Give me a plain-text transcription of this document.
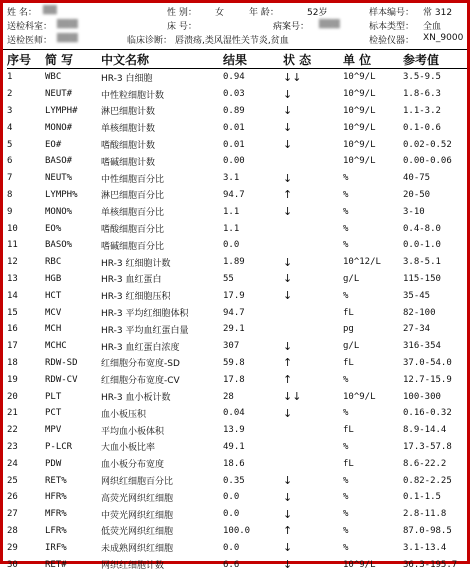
姓 名： ▇▇	性 别： 女	年 龄：	52岁	样本编号： 常 312
送检科室： ▇▇▇	床 号：	病案号： ▇▇▇	标本类型： 全血
送检医师： ▇▇▇	临床诊断： 唇溃疡,类风湿性关节炎,贫血	检验仪器： XN_9000
序号	简 写	中文名称	结果	状 态	单 位	参考值
1	WBC	HR-3 白细胞	0.94	↓↓	10^9/L	3.5-9.5
2	NEUT#	中性粒细胞计数	0.03	↓	10^9/L	1.8-6.3
3	LYMPH#	淋巴细胞计数	0.89	↓	10^9/L	1.1-3.2
4	MONO#	单核细胞计数	0.01	↓	10^9/L	0.1-0.6
5	EO#	嗜酸细胞计数	0.01	↓	10^9/L	0.02-0.52
6	BASO#	嗜碱细胞计数	0.00		10^9/L	0.00-0.06
7	NEUT%	中性细胞百分比	3.1	↓	%	40-75
8	LYMPH%	淋巴细胞百分比	94.7	↑	%	20-50
9	MONO%	单核细胞百分比	1.1	↓	%	3-10
10	EO%	嗜酸细胞百分比	1.1		%	0.4-8.0
11	BASO%	嗜碱细胞百分比	0.0		%	0.0-1.0
12	RBC	HR-3 红细胞计数	1.89	↓	10^12/L	3.8-5.1
13	HGB	HR-3 血红蛋白	55	↓	g/L	115-150
14	HCT	HR-3 红细胞压积	17.9	↓	%	35-45
15	MCV	HR-3 平均红细胞体积	94.7		fL	82-100
16	MCH	HR-3 平均血红蛋白量	29.1		pg	27-34
17	MCHC	HR-3 血红蛋白浓度	307	↓	g/L	316-354
18	RDW-SD	红细胞分布宽度-SD	59.8	↑	fL	37.0-54.0
19	RDW-CV	红细胞分布宽度-CV	17.8	↑	%	12.7-15.9
20	PLT	HR-3 血小板计数	28	↓↓	10^9/L	100-300
21	PCT	血小板压积	0.04	↓	%	0.16-0.32
22	MPV	平均血小板体积	13.9		fL	8.9-14.4
23	P-LCR	大血小板比率	49.1		%	17.3-57.8
24	PDW	血小板分布宽度	18.6		fL	8.6-22.2
25	RET%	网织红细胞百分比	0.35	↓	%	0.82-2.25
26	HFR%	高荧光网织红细胞	0.0	↓	%	0.1-1.5
27	MFR%	中荧光网织红细胞	0.0	↓	%	2.8-11.8
28	LFR%	低荧光网织红细胞	100.0	↑	%	87.0-98.5
29	IRF%	未成熟网织红细胞	0.0	↓	%	3.1-13.4
30	RET#	网织红细胞计数	6.6	↓	10^9/L	36.3-195.7
